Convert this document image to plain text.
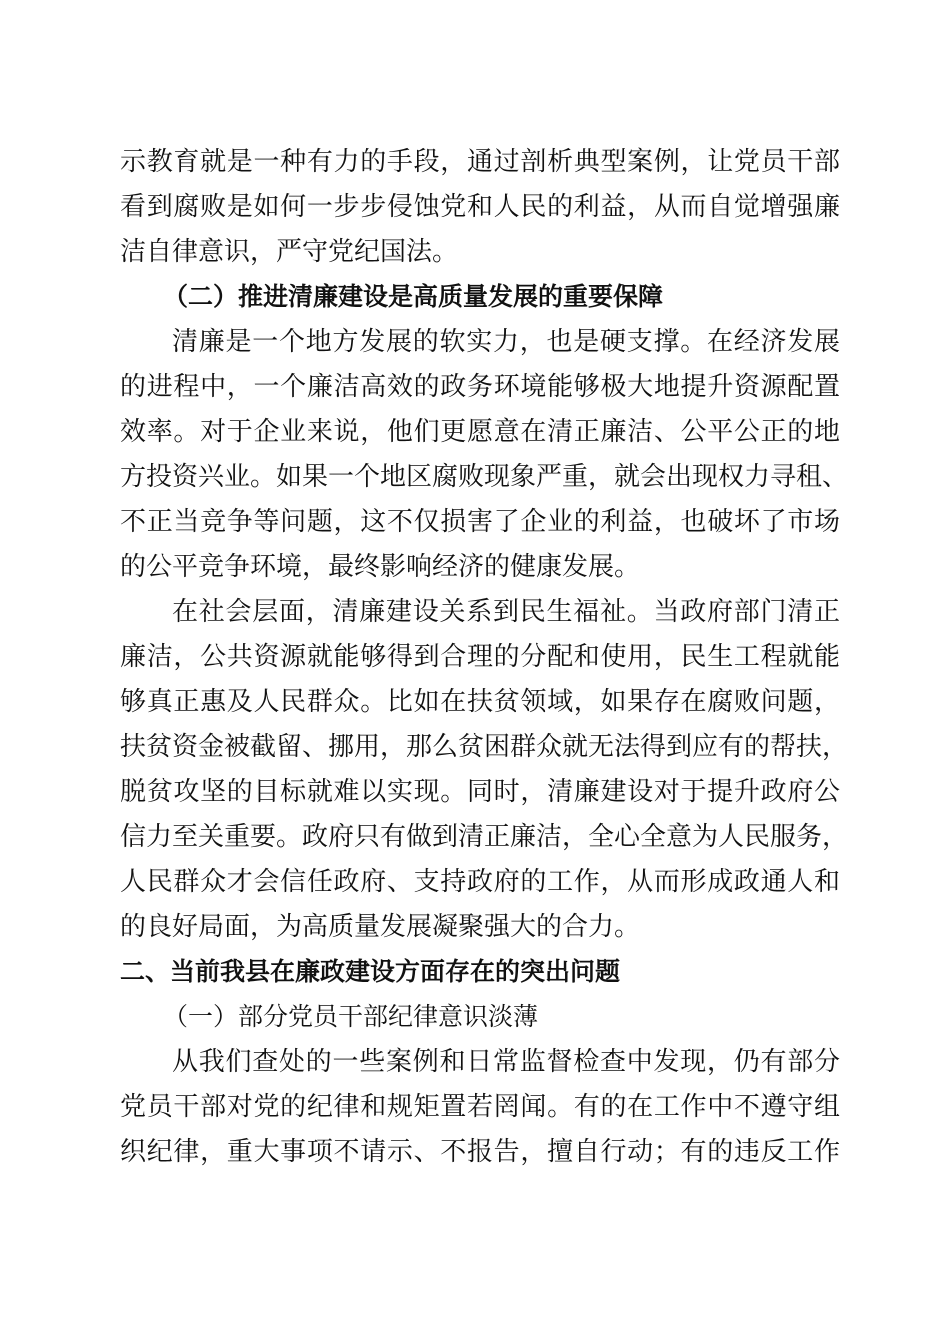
示教育就是一种有力的手段，通过剖析典型案例，让党员干部
看到腐败是如何一步步侵蚀党和人民的利益，从而自觉增强廉
洁自律意识，严守党纪国法。
（二）推进清廉建设是高质量发展的重要保障
清廉是一个地方发展的软实力，也是硬支撑。在经济发展
的进程中，一个廉洁高效的政务环境能够极大地提升资源配置
效率。对于企业来说，他们更愿意在清正廉洁、公平公正的地
方投资兴业。如果一个地区腐败现象严重，就会出现权力寻租、
不正当竞争等问题，这不仅损害了企业的利益，也破坏了市场
的公平竞争环境，最终影响经济的健康发展。
在社会层面，清廉建设关系到民生福祉。当政府部门清正
廉洁，公共资源就能够得到合理的分配和使用，民生工程就能
够真正惠及人民群众。比如在扶贫领域，如果存在腐败问题，
扶贫资金被截留、挪用，那么贫困群众就无法得到应有的帮扶，
脱贫攻坚的目标就难以实现。同时，清廉建设对于提升政府公
信力至关重要。政府只有做到清正廉洁，全心全意为人民服务，
人民群众才会信任政府、支持政府的工作，从而形成政通人和
的良好局面，为高质量发展凝聚强大的合力。
二、当前我县在廉政建设方面存在的突出问题
（一）部分党员干部纪律意识淡薄
从我们查处的一些案例和日常监督检查中发现，仍有部分
党员干部对党的纪律和规矩置若罔闻。有的在工作中不遵守组
织纪律，重大事项不请示、不报告，擅自行动；有的违反工作
